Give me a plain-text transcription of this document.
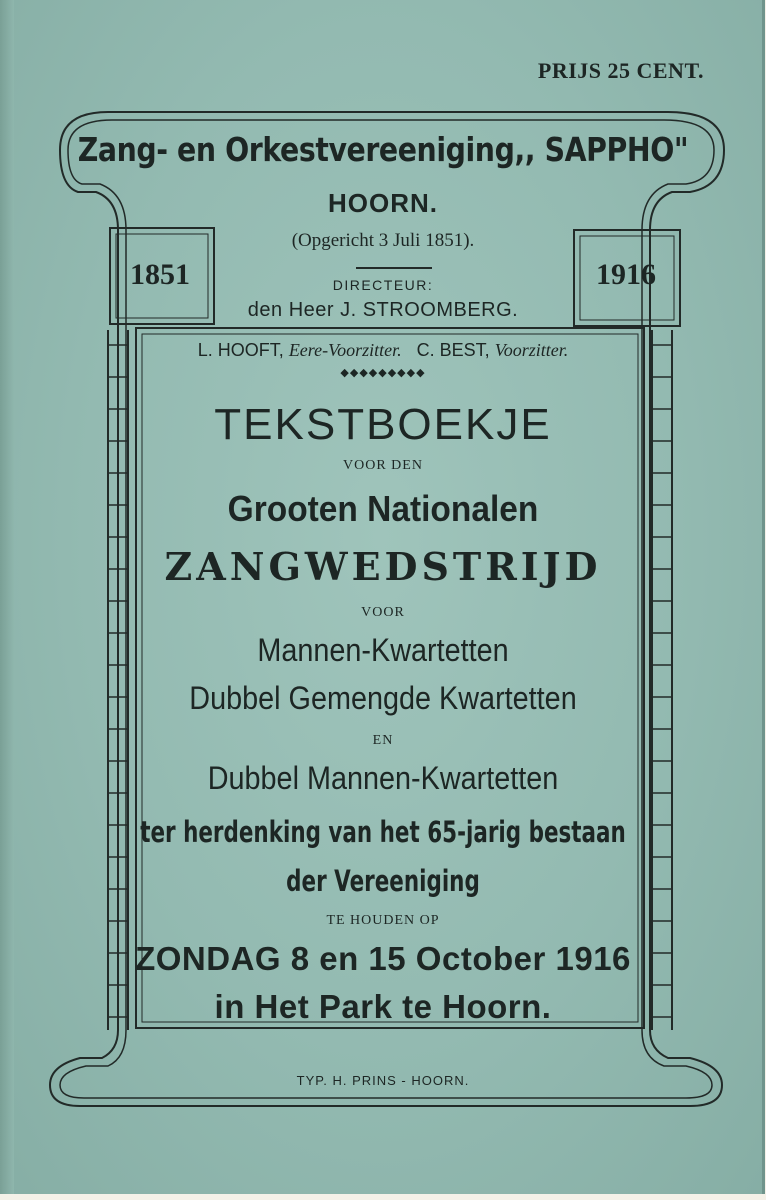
PRIJS 25 CENT.
Zang- en Orkestvereeniging,, SAPPHO"
HOORN.
(Opgericht 3 Juli 1851).
1851	1916
DIRECTEUR:
den Heer J. STROOMBERG.
L. HOOFT, Eere-Voorzitter. C. BEST, Voorzitter.
◆◆◆◆◆◆◆◆◆
TEKSTBOEKJE
VOOR DEN
Grooten Nationalen
ZANGWEDSTRIJD
VOOR
Mannen-Kwartetten
Dubbel Gemengde Kwartetten
EN
Dubbel Mannen-Kwartetten
ter herdenking van het 65-jarig bestaan
der Vereeniging
TE HOUDEN OP
ZONDAG 8 en 15 October 1916
in Het Park te Hoorn.
TYP. H. PRINS - HOORN.
